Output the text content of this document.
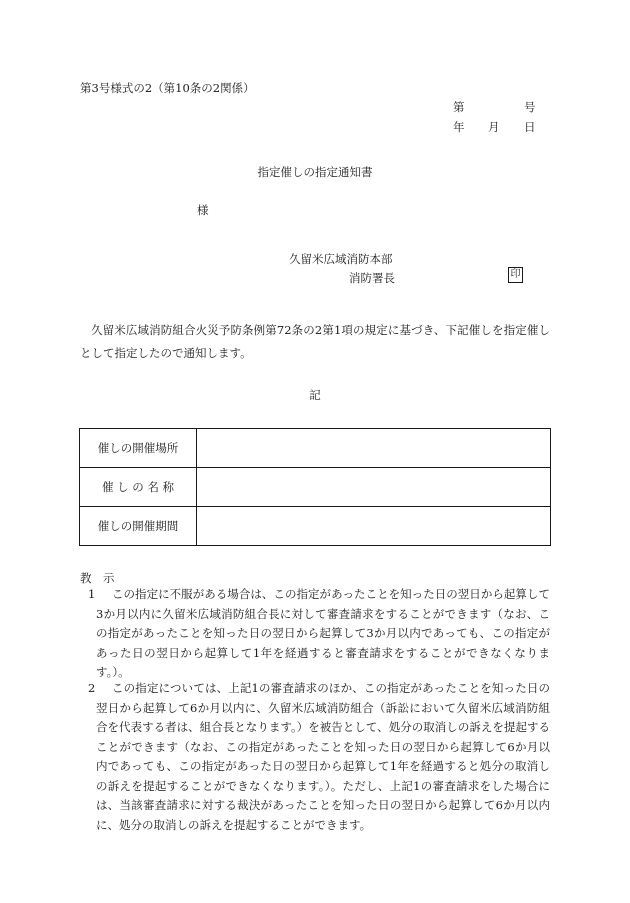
第3号様式の2（第10条の2関係）
第	号
年 月 日
指定催しの指定通知書
様
久留米広域消防本部
消防署長	印
久留米広域消防組合火災予防条例第72条の2第1項の規定に基づき、下記催しを指定催しとして指定したので通知します。
記
催しの開催場所	
催 し の 名 称	
催しの開催期間	
教　示
1	この指定に不服がある場合は、この指定があったことを知った日の翌日から起算して3か月以内に久留米広域消防組合長に対して審査請求をすることができます（なお、この指定があったことを知った日の翌日から起算して3か月以内であっても、この指定があった日の翌日から起算して1年を経過すると審査請求をすることができなくなります。）。
2	この指定については、上記1の審査請求のほか、この指定があったことを知った日の翌日から起算して6か月以内に、久留米広域消防組合（訴訟において久留米広域消防組合を代表する者は、組合長となります。）を被告として、処分の取消しの訴えを提起することができます（なお、この指定があったことを知った日の翌日から起算して6か月以内であっても、この指定があった日の翌日から起算して1年を経過すると処分の取消しの訴えを提起することができなくなります。）。ただし、上記1の審査請求をした場合には、当該審査請求に対する裁決があったことを知った日の翌日から起算して6か月以内に、処分の取消しの訴えを提起することができます。
